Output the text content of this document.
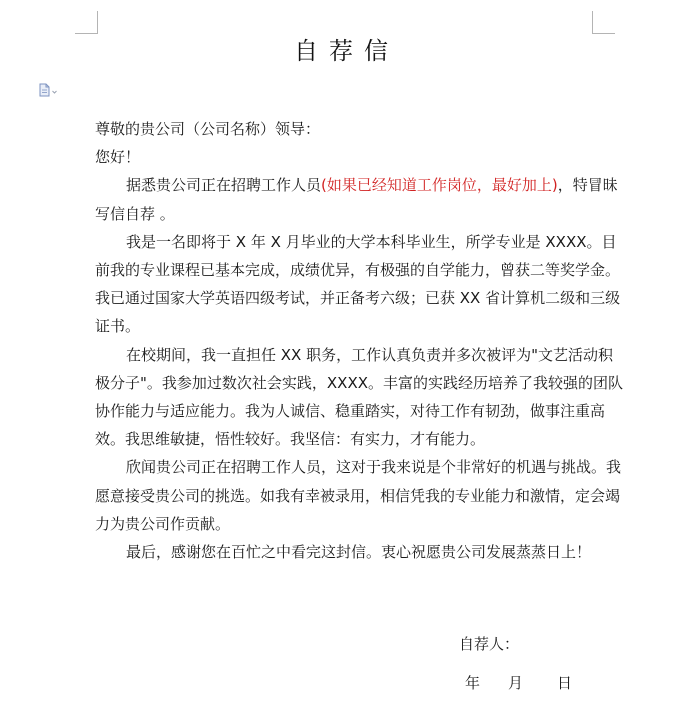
自荐信

尊敬的贵公司（公司名称）领导：

您好！

据悉贵公司正在招聘工作人员(如果已经知道工作岗位，最好加上)，特冒昧写信自荐 。

我是一名即将于 X 年 X 月毕业的大学本科毕业生，所学专业是 XXXX。目前我的专业课程已基本完成，成绩优异，有极强的自学能力，曾获二等奖学金。我已通过国家大学英语四级考试，并正备考六级；已获 XX 省计算机二级和三级证书。

在校期间，我一直担任 XX 职务，工作认真负责并多次被评为"文艺活动积极分子"。我参加过数次社会实践，XXXX。丰富的实践经历培养了我较强的团队协作能力与适应能力。我为人诚信、稳重踏实，对待工作有韧劲，做事注重高效。我思维敏捷，悟性较好。我坚信：有实力，才有能力。

欣闻贵公司正在招聘工作人员，这对于我来说是个非常好的机遇与挑战。我愿意接受贵公司的挑选。如我有幸被录用，相信凭我的专业能力和激情，定会竭力为贵公司作贡献。

最后，感谢您在百忙之中看完这封信。衷心祝愿贵公司发展蒸蒸日上！

自荐人：
年 月 日
